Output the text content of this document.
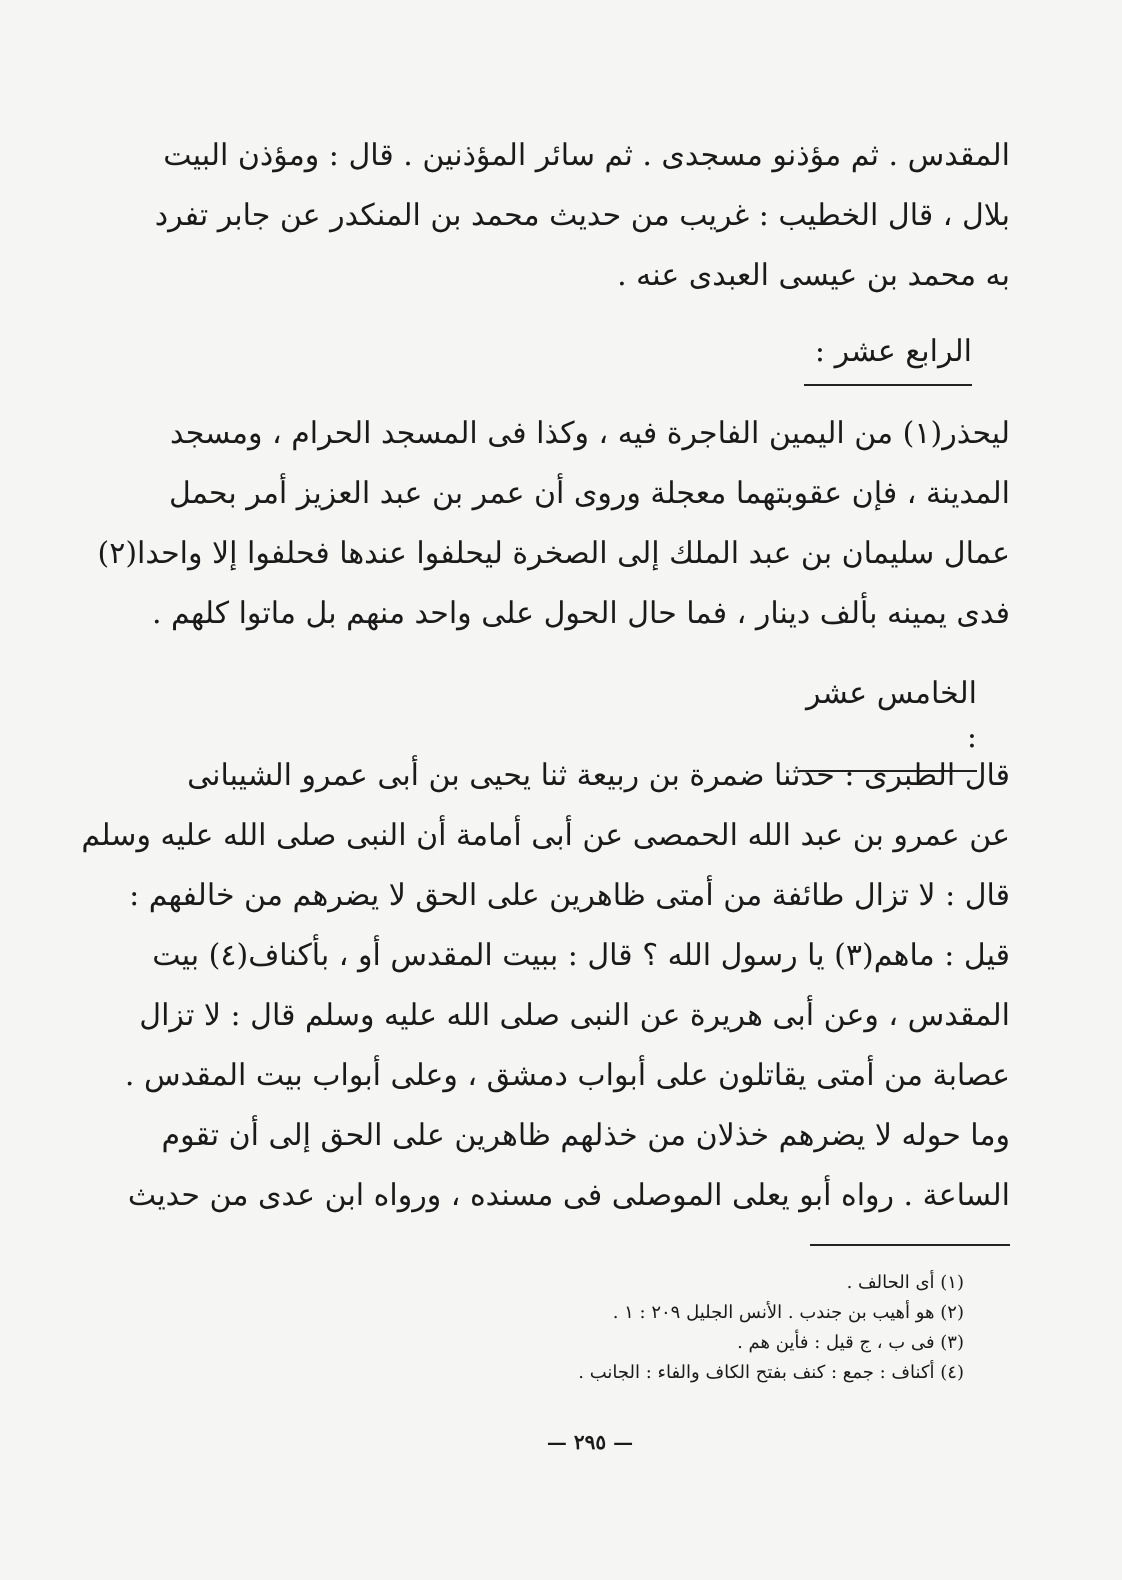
المقدس . ثم مؤذنو مسجدى . ثم سائر المؤذنين . قال : ومؤذن البيت
بلال ، قال الخطيب : غريب من حديث محمد بن المنكدر عن جابر تفرد
به محمد بن عيسى العبدى عنه .
الرابع عشر :
ليحذر(١) من اليمين الفاجرة فيه ، وكذا فى المسجد الحرام ، ومسجد
المدينة ، فإن عقوبتهما معجلة وروى أن عمر بن عبد العزيز أمر بحمل
عمال سليمان بن عبد الملك إلى الصخرة ليحلفوا عندها فحلفوا إلا واحدا(٢)
فدى يمينه بألف دينار ، فما حال الحول على واحد منهم بل ماتوا كلهم .
الخامس عشر :
قال الطبرى : حدثنا ضمرة بن ربيعة ثنا يحيى بن أبى عمرو الشيبانى
عن عمرو بن عبد الله الحمصى عن أبى أمامة أن النبى صلى الله عليه وسلم
قال : لا تزال طائفة من أمتى ظاهرين على الحق لا يضرهم من خالفهم :
قيل : ماهم(٣) يا رسول الله ؟ قال : ببيت المقدس أو ، بأكناف(٤) بيت
المقدس ، وعن أبى هريرة عن النبى صلى الله عليه وسلم قال : لا تزال
عصابة من أمتى يقاتلون على أبواب دمشق ، وعلى أبواب بيت المقدس .
وما حوله لا يضرهم خذلان من خذلهم ظاهرين على الحق إلى أن تقوم
الساعة . رواه أبو يعلى الموصلى فى مسنده ، ورواه ابن عدى من حديث
(١) أى الحالف .
(٢) هو أهيب بن جندب . الأنس الجليل ٢٠٩ : ١ .
(٣) فى ب ، ج قيل : فأين هم .
(٤) أكناف : جمع : كنف بفتح الكاف والفاء : الجانب .
— ٢٩٥ —
